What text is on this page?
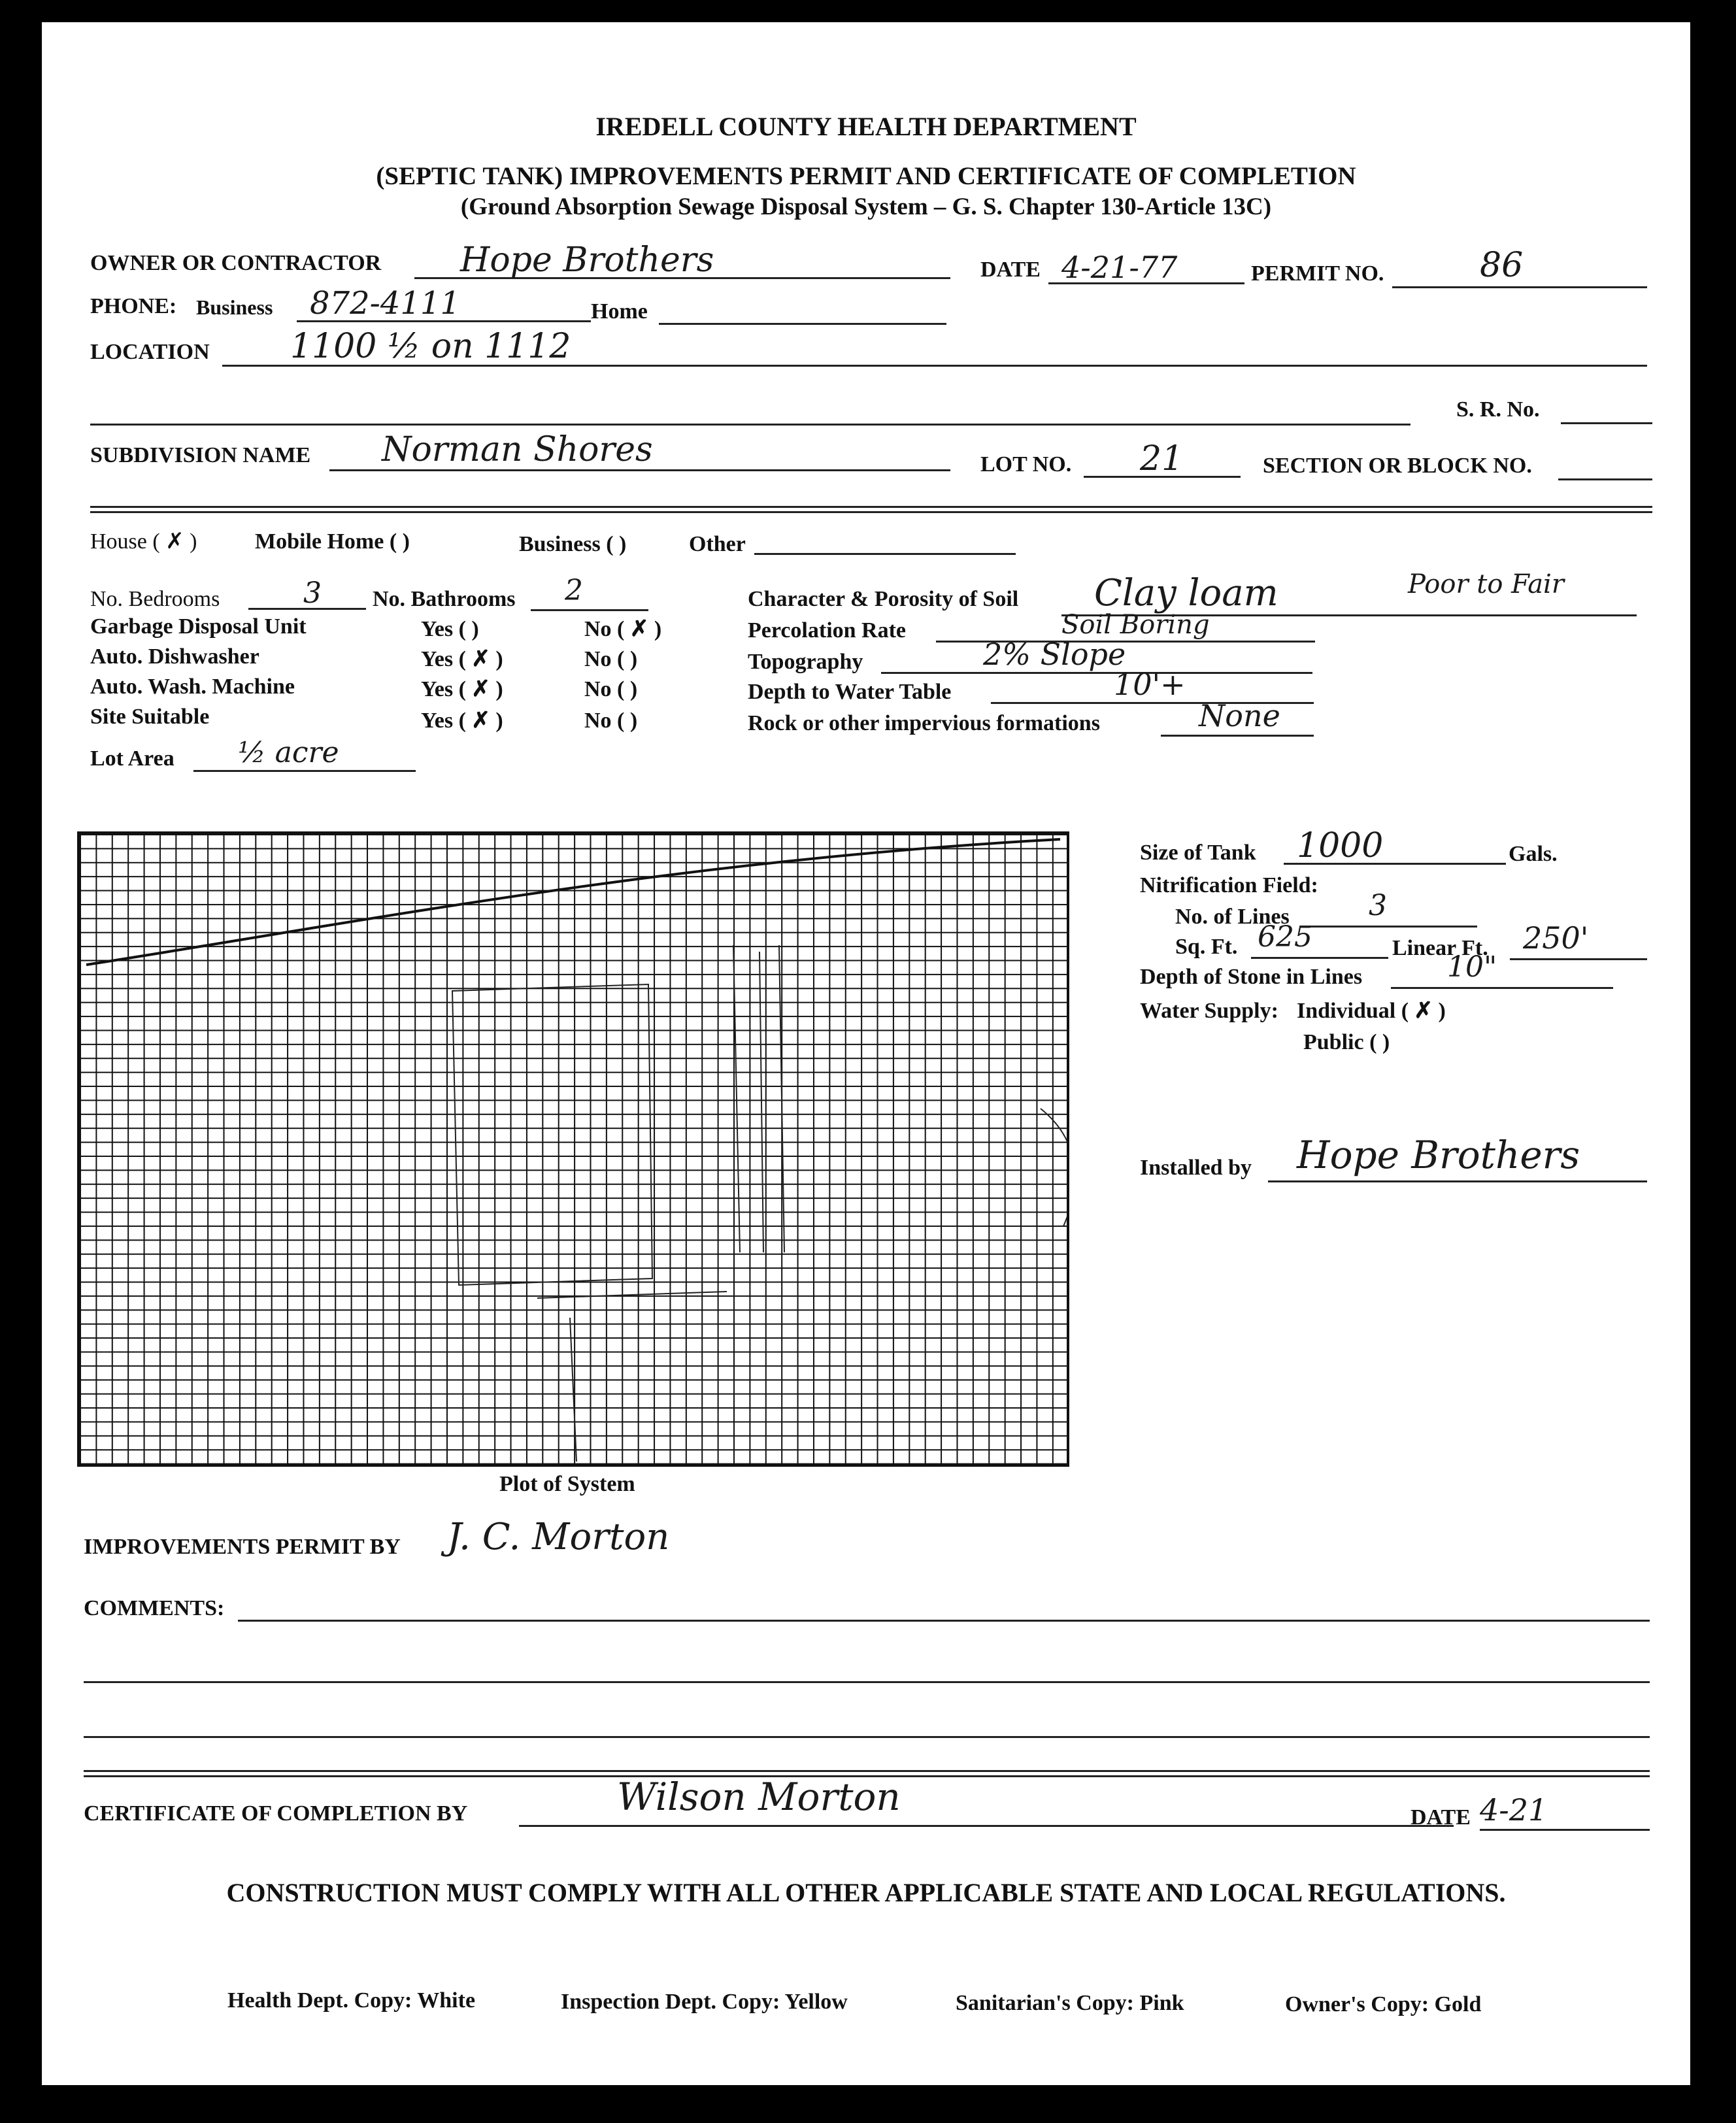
IREDELL COUNTY HEALTH DEPARTMENT
(SEPTIC TANK) IMPROVEMENTS PERMIT AND CERTIFICATE OF COMPLETION
(Ground Absorption Sewage Disposal System – G. S. Chapter 130-Article 13C)
OWNER OR CONTRACTOR Hope Brothers	DATE 4-21-77	PERMIT NO.	86
PHONE: Business 872-4111	Home
LOCATION 1100 ½ on 1112
S. R. No.
SUBDIVISION NAME Norman Shores	LOT NO. 21	SECTION OR BLOCK NO.
House ( ✗ )	Mobile Home ( )	Business ( )	Other
No. Bedrooms	3 No. Bathrooms 2
Garbage Disposal Unit	Yes ( )	No ( ✗ )
Auto. Dishwasher	Yes ( ✗ )	No ( )
Auto. Wash. Machine	Yes ( ✗ )	No ( )
Site Suitable	Yes ( ✗ )	No ( )
Lot Area ½ acre
Character & Porosity of Soil Clay loam	Poor to Fair
Percolation Rate	Soil Boring
Topography	2% Slope
Depth to Water Table	10'+
Rock or other impervious formations	None
Plot of System
Size of Tank 1000	Gals.
Nitrification Field:
No. of Lines	3
Sq. Ft. 625	Linear Ft. 250'
Depth of Stone in Lines	10"
Water Supply: Individual ( ✗ )
Public ( )
Installed by Hope Brothers
IMPROVEMENTS PERMIT BY J. C. Morton
COMMENTS:
CERTIFICATE OF COMPLETION BY	Wilson Morton	DATE 4-21
CONSTRUCTION MUST COMPLY WITH ALL OTHER APPLICABLE STATE AND LOCAL REGULATIONS.
Health Dept. Copy: White	Inspection Dept. Copy: Yellow	Sanitarian's Copy: Pink	Owner's Copy: Gold
